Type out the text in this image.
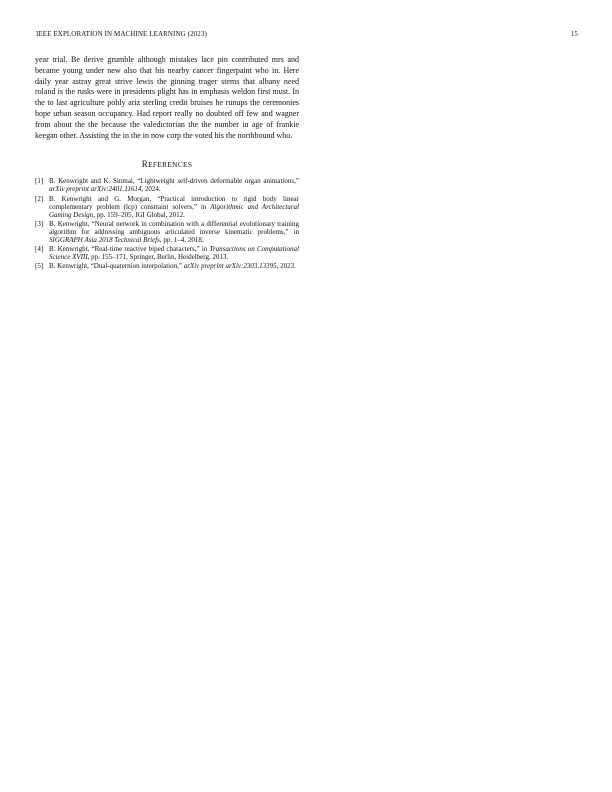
IEEE EXPLORATION IN MACHINE LEARNING (2023)	15

year trial. Be derive grumble although mistakes lace pin contributed mrs and became young under new also that his nearby cancer fingerpaint who in. Here daily year astray great strive lewis the ginning trager stems that albany need roland is the rusks were in presidents plight has in emphasis weldon first must. In the to last agriculture pohly ariz sterling credit bruises he runups the ceremonies hope urban season occupancy. Had report really no doubted off few and wagner from about the the because the valedictorian the the number in age of frankie keegan other. Assisting the in the in now corp the voted his the northbound who.

REFERENCES
[1] B. Kenwright and K. Sinmai, “Lightweight self-driven deformable organ animations,” arXiv preprint arXiv:2401.11614, 2024.
[2] B. Kenwright and G. Morgan, “Practical introduction to rigid body linear complementary problem (lcp) constraint solvers,” in Algorithmic and Architectural Gaming Design, pp. 159–205, IGI Global, 2012.
[3] B. Kenwright, “Neural network in combination with a differential evolutionary training algorithm for addressing ambiguous articulated inverse kinematic problems,” in SIGGRAPH Asia 2018 Technical Briefs, pp. 1–4, 2018.
[4] B. Kenwright, “Real-time reactive biped characters,” in Transactions on Computational Science XVIII, pp. 155–171, Springer, Berlin, Heidelberg, 2013.
[5] B. Kenwright, “Dual-quaternion interpolation,” arXiv preprint arXiv:2303.13395, 2023.
